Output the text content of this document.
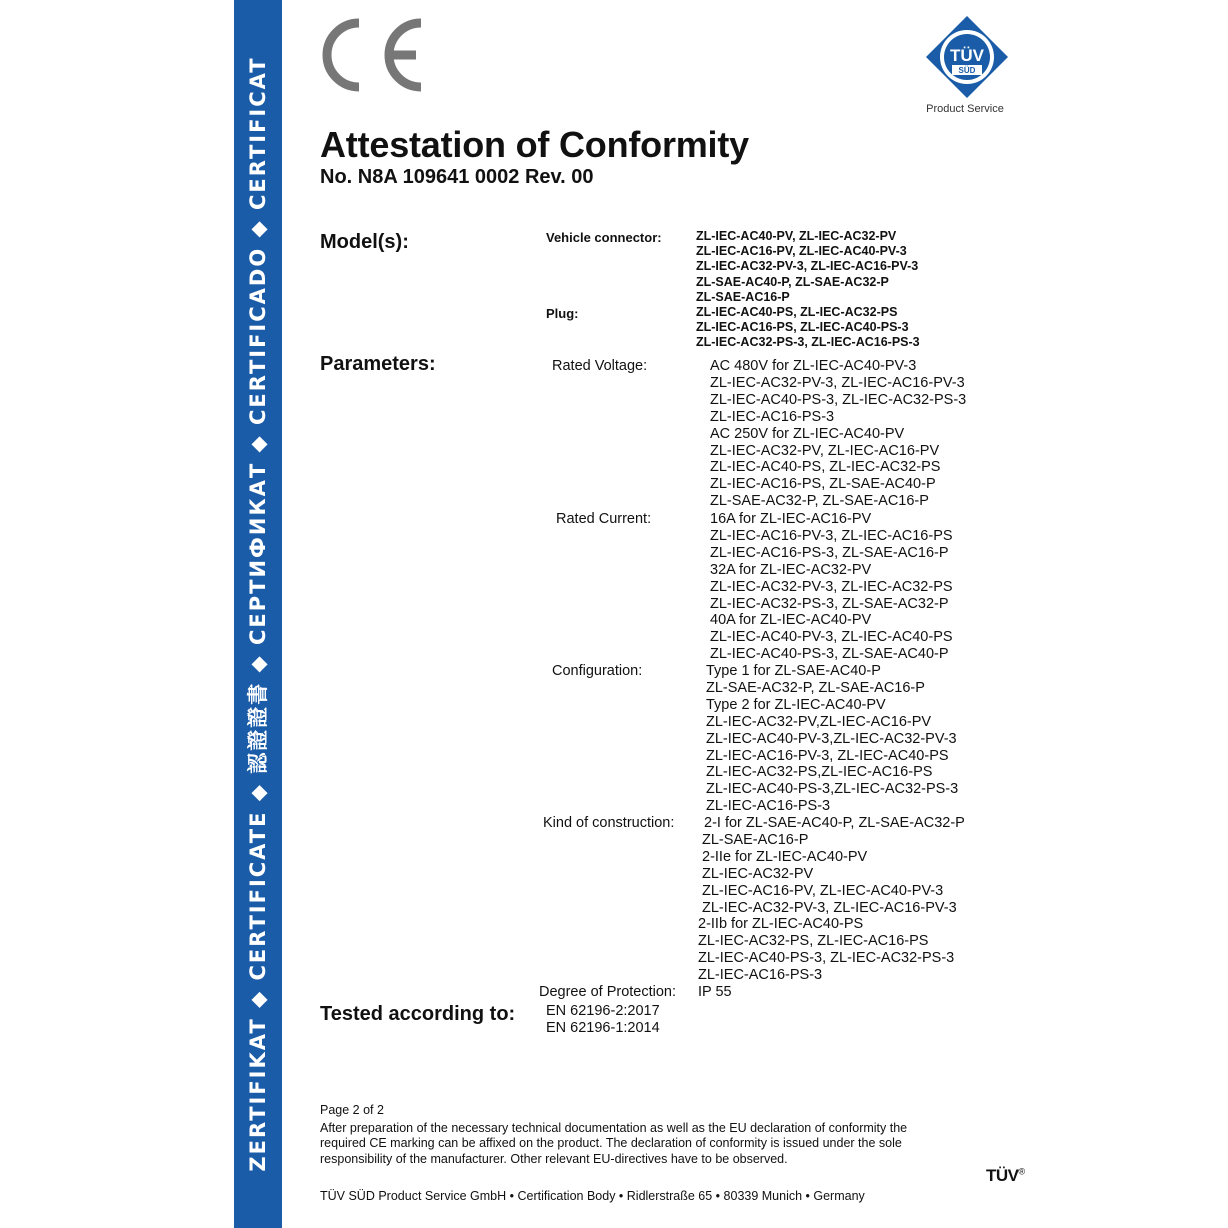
ZERTIFIKAT ◆ CERTIFICATE ◆ 認證證書 ◆ СЕРТИФИКАТ ◆ CERTIFICADO ◆ CERTIFICAT
TÜV
SÜD
Product Service
Attestation of Conformity
No. N8A 109641 0002 Rev. 00
Model(s):	Vehicle connector:	ZL-IEC-AC40-PV, ZL-IEC-AC32-PV
ZL-IEC-AC16-PV, ZL-IEC-AC40-PV-3
ZL-IEC-AC32-PV-3, ZL-IEC-AC16-PV-3
ZL-SAE-AC40-P, ZL-SAE-AC32-P
ZL-SAE-AC16-P
Plug:	ZL-IEC-AC40-PS, ZL-IEC-AC32-PS
ZL-IEC-AC16-PS, ZL-IEC-AC40-PS-3
ZL-IEC-AC32-PS-3, ZL-IEC-AC16-PS-3
Parameters:	Rated Voltage:	AC 480V for ZL-IEC-AC40-PV-3
ZL-IEC-AC32-PV-3, ZL-IEC-AC16-PV-3
ZL-IEC-AC40-PS-3, ZL-IEC-AC32-PS-3
ZL-IEC-AC16-PS-3
AC 250V for ZL-IEC-AC40-PV
ZL-IEC-AC32-PV, ZL-IEC-AC16-PV
ZL-IEC-AC40-PS, ZL-IEC-AC32-PS
ZL-IEC-AC16-PS, ZL-SAE-AC40-P
ZL-SAE-AC32-P, ZL-SAE-AC16-P
Rated Current:	16A for ZL-IEC-AC16-PV
ZL-IEC-AC16-PV-3, ZL-IEC-AC16-PS
ZL-IEC-AC16-PS-3, ZL-SAE-AC16-P
32A for ZL-IEC-AC32-PV
ZL-IEC-AC32-PV-3, ZL-IEC-AC32-PS
ZL-IEC-AC32-PS-3, ZL-SAE-AC32-P
40A for ZL-IEC-AC40-PV
ZL-IEC-AC40-PV-3, ZL-IEC-AC40-PS
ZL-IEC-AC40-PS-3, ZL-SAE-AC40-P
Configuration:	Type 1 for ZL-SAE-AC40-P
ZL-SAE-AC32-P, ZL-SAE-AC16-P
Type 2 for ZL-IEC-AC40-PV
ZL-IEC-AC32-PV,ZL-IEC-AC16-PV
ZL-IEC-AC40-PV-3,ZL-IEC-AC32-PV-3
ZL-IEC-AC16-PV-3, ZL-IEC-AC40-PS
ZL-IEC-AC32-PS,ZL-IEC-AC16-PS
ZL-IEC-AC40-PS-3,ZL-IEC-AC32-PS-3
ZL-IEC-AC16-PS-3
Kind of construction: 2-I for ZL-SAE-AC40-P, ZL-SAE-AC32-P
ZL-SAE-AC16-P
2-IIe for ZL-IEC-AC40-PV
ZL-IEC-AC32-PV
ZL-IEC-AC16-PV, ZL-IEC-AC40-PV-3
ZL-IEC-AC32-PV-3, ZL-IEC-AC16-PV-3
2-IIb for ZL-IEC-AC40-PS
ZL-IEC-AC32-PS, ZL-IEC-AC16-PS
ZL-IEC-AC40-PS-3, ZL-IEC-AC32-PS-3
ZL-IEC-AC16-PS-3
Degree of Protection: IP 55
Tested according to: EN 62196-2:2017
EN 62196-1:2014
Page 2 of 2
After preparation of the necessary technical documentation as well as the EU declaration of conformity the
required CE marking can be affixed on the product. The declaration of conformity is issued under the sole
responsibility of the manufacturer. Other relevant EU-directives have to be observed.
TÜV®
TÜV SÜD Product Service GmbH • Certification Body • Ridlerstraße 65 • 80339 Munich • Germany
